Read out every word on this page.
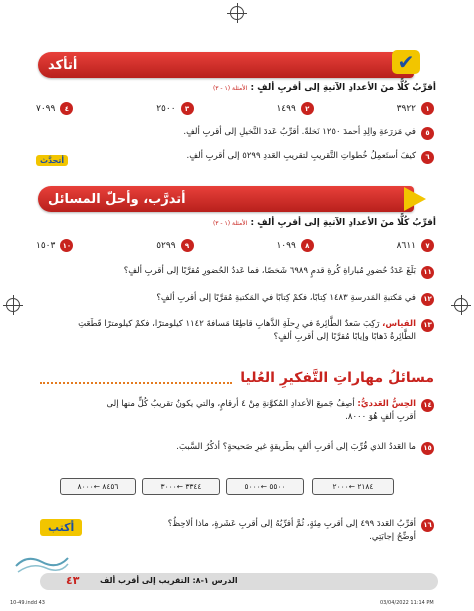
أتأكد	✔
أقرِّبُ كُلًّا منَ الأعدادِ الآتيةِ إلى أقربِ ألفٍ : الأمثلة (١ - ٣)
١
٣٩٢٢
٢
١٤٩٩
٣
٢٥٠٠
٤
٧٠٩٩
٥
في مَزرَعةِ والِدِ أحمدَ ١٢٥٠ نَخلةً. أقرِّبُ عَددَ النَّخيلِ إلى أقربِ ألفٍ.
٦
كيفَ أستَعمِلُ خُطواتِ التَّقريبِ لتقريبِ العَددِ ٥٢٩٩ إلى أقربِ ألفٍ.
أتحدَّث
أتدرَّب، وأحلّ المسائل
أقرِّبُ كُلًّا منَ الأعدادِ الآتيةِ إلى أقربِ ألفٍ : الأمثلة (١ - ٣)
٧
٨٦١١
٨
١٠٩٩
٩
٥٢٩٩
١٠
١٥٠٣
١١
بَلَغَ عَدَدُ حُضورِ مُباراةِ كُرةِ قدمٍ ٦٩٨٩ شَخصًا، فما عَددُ الحُضورِ مُقرَّبًا إلى أقربِ ألفٍ؟
١٢
في مَكتبةِ المَدرسةِ ١٤٨٣ كِتابًا، فكمْ كِتابًا في المَكتبةِ مُقرَّبًا إلى أقربِ ألفٍ؟
١٣
القياس، رَكِبَ سَعدٌ الطَّائِرةَ في رِحلَةِ الذَّهابِ قاطِعًا مَسافةَ ١١٤٢ كيلومترًا، فكمْ كيلومترًا قَطَعَتِ
الطَّائِرةُ ذَهابًا وإيابًا مُقرَّبًا إلى أقربِ ألفٍ؟
مسائلُ مهاراتِ التَّفكيرِ العُليا
١٤
الحِسُّ العَدديُّ: أصِفُ جَميعَ الأعدادِ المُكوَّنةِ مِنْ ٤ أرقامٍ، والتي يكونُ تقريبُ كُلٍّ منها إلى
أقربِ ألفٍ هُوَ ٨٠٠٠.
١٥
ما العَددُ الذي قُرِّبَ إلى أقربِ ألفٍ بطَريقةٍ غيرِ صَحيحةٍ؟ أذكُرُ السَّببَ.
٢١٨٤ ←٢٠٠٠
٥٥٠٠ ←٥٠٠٠
٣٣٤٤ ←٣٠٠٠
٨٤٥٦ ←٨٠٠٠
١٦
أقرِّبُ العَددَ ٤٩٩ إلى أقربِ مِئةٍ، ثُمَّ أقرِّبُهُ إلى أقربِ عَشَرةٍ، ماذا ألاحِظُ؟
أوضِّحُ إجابَتِي.
أكتب
٤٣	الدرس ١-٨: التقريب إلى أقرب ألف
10-49.indd 43	03/04/2022 11:14 PM
